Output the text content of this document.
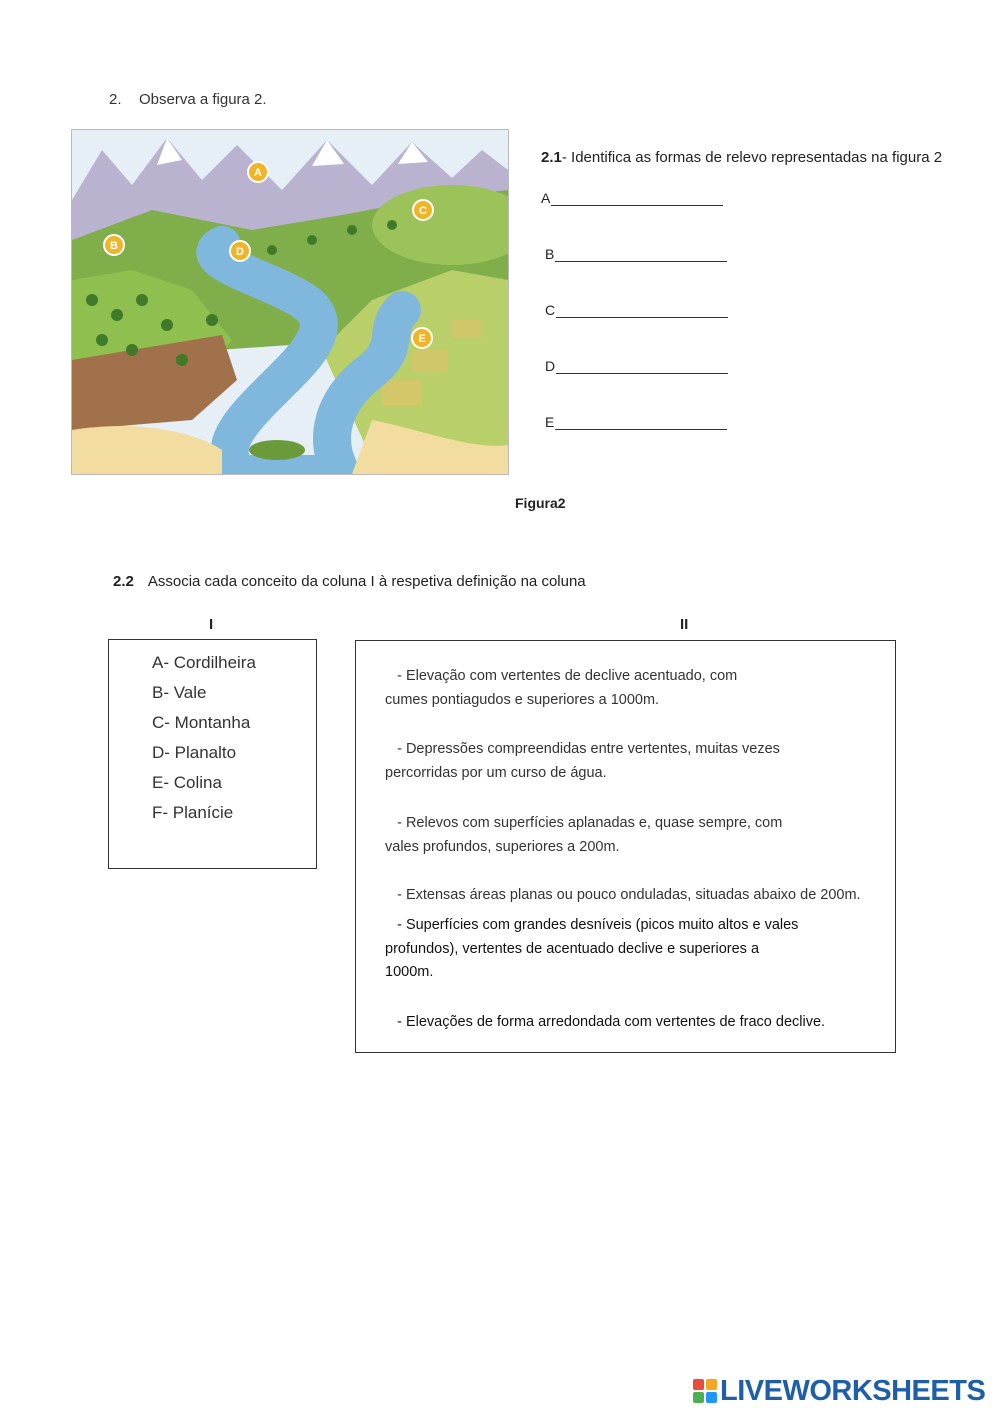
2. Observa a figura 2.
A
B
C
D
E
2.1- Identifica as formas de relevo representadas na figura 2
A
B
C
D
E
Figura2
2.2 Associa cada conceito da coluna I à respetiva definição na coluna
I	II
A- Cordilheira
B- Vale
C- Montanha
D- Planalto
E- Colina
F- Planície
- Elevação com vertentes de declive acentuado, com
cumes pontiagudos e superiores a 1000m.
- Depressões compreendidas entre vertentes, muitas vezes
percorridas por um curso de água.
- Relevos com superfícies aplanadas e, quase sempre, com
vales profundos, superiores a 200m.
- Extensas áreas planas ou pouco onduladas, situadas abaixo de 200m.
- Superfícies com grandes desníveis (picos muito altos e vales
profundos), vertentes de acentuado declive e superiores a
1000m.
- Elevações de forma arredondada com vertentes de fraco declive.
LIVEWORKSHEETS
